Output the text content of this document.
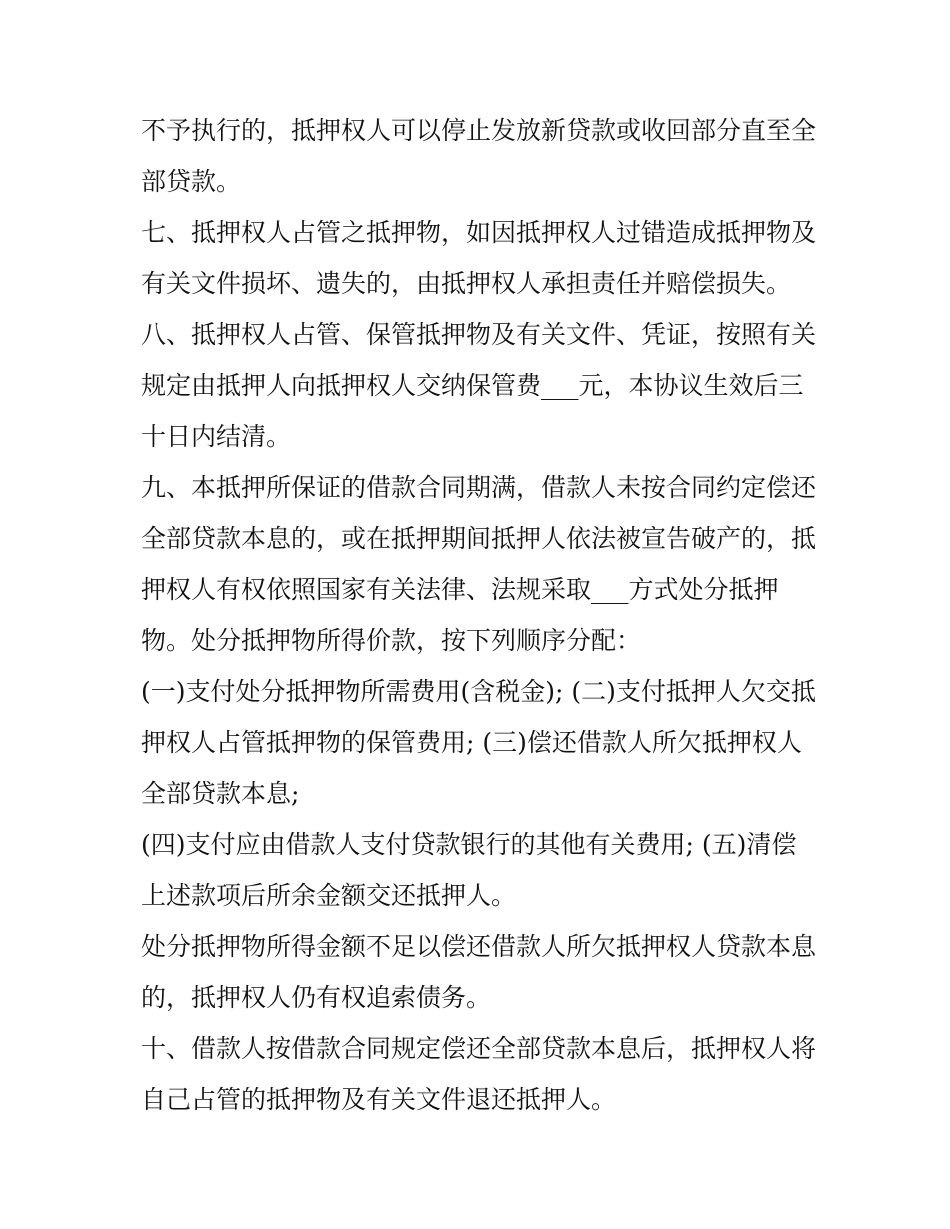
不予执行的，抵押权人可以停止发放新贷款或收回部分直至全
部贷款。
七、抵押权人占管之抵押物，如因抵押权人过错造成抵押物及
有关文件损坏、遗失的，由抵押权人承担责任并赔偿损失。
八、抵押权人占管、保管抵押物及有关文件、凭证，按照有关
规定由抵押人向抵押权人交纳保管费___元，本协议生效后三
十日内结清。
九、本抵押所保证的借款合同期满，借款人未按合同约定偿还
全部贷款本息的，或在抵押期间抵押人依法被宣告破产的，抵
押权人有权依照国家有关法律、法规采取___方式处分抵押
物。处分抵押物所得价款，按下列顺序分配：
(一)支付处分抵押物所需费用(含税金); (二)支付抵押人欠交抵
押权人占管抵押物的保管费用; (三)偿还借款人所欠抵押权人
全部贷款本息;
(四)支付应由借款人支付贷款银行的其他有关费用; (五)清偿
上述款项后所余金额交还抵押人。
处分抵押物所得金额不足以偿还借款人所欠抵押权人贷款本息
的，抵押权人仍有权追索债务。
十、借款人按借款合同规定偿还全部贷款本息后，抵押权人将
自己占管的抵押物及有关文件退还抵押人。
